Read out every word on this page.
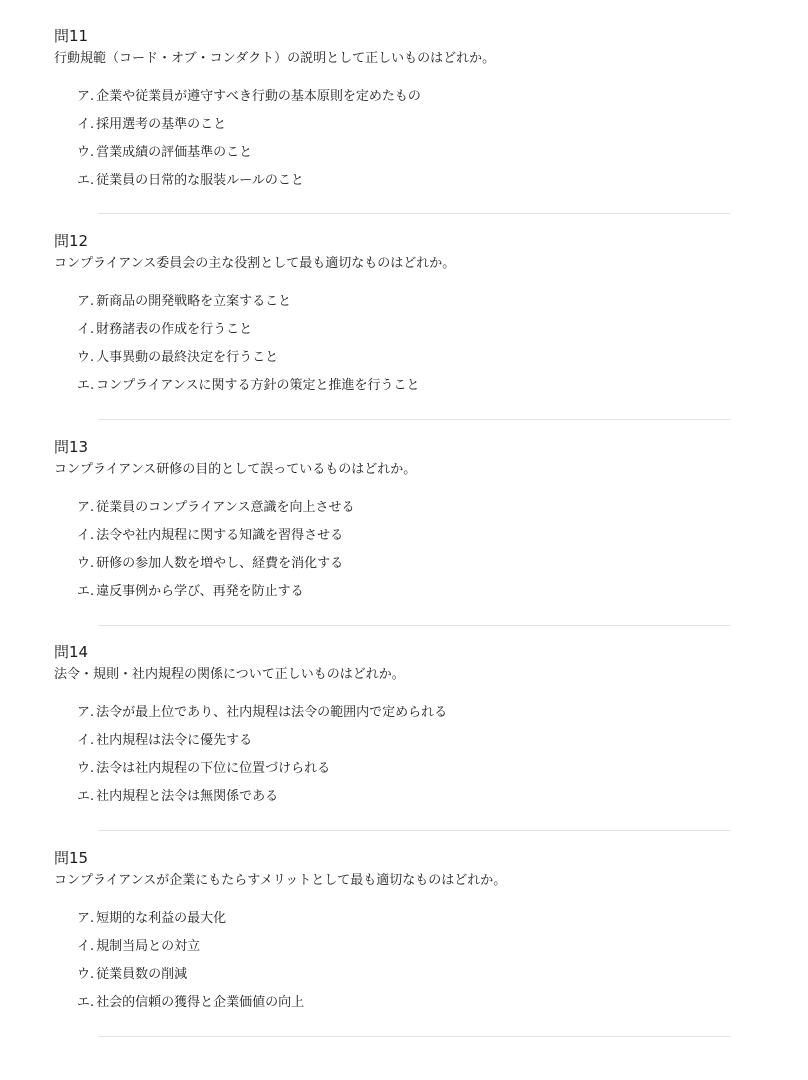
問11
行動規範（コード・オブ・コンダクト）の説明として正しいものはどれか。
ア. 企業や従業員が遵守すべき行動の基本原則を定めたもの
イ. 採用選考の基準のこと
ウ. 営業成績の評価基準のこと
エ. 従業員の日常的な服装ルールのこと
問12
コンプライアンス委員会の主な役割として最も適切なものはどれか。
ア. 新商品の開発戦略を立案すること
イ. 財務諸表の作成を行うこと
ウ. 人事異動の最終決定を行うこと
エ. コンプライアンスに関する方針の策定と推進を行うこと
問13
コンプライアンス研修の目的として誤っているものはどれか。
ア. 従業員のコンプライアンス意識を向上させる
イ. 法令や社内規程に関する知識を習得させる
ウ. 研修の参加人数を増やし、経費を消化する
エ. 違反事例から学び、再発を防止する
問14
法令・規則・社内規程の関係について正しいものはどれか。
ア. 法令が最上位であり、社内規程は法令の範囲内で定められる
イ. 社内規程は法令に優先する
ウ. 法令は社内規程の下位に位置づけられる
エ. 社内規程と法令は無関係である
問15
コンプライアンスが企業にもたらすメリットとして最も適切なものはどれか。
ア. 短期的な利益の最大化
イ. 規制当局との対立
ウ. 従業員数の削減
エ. 社会的信頼の獲得と企業価値の向上
